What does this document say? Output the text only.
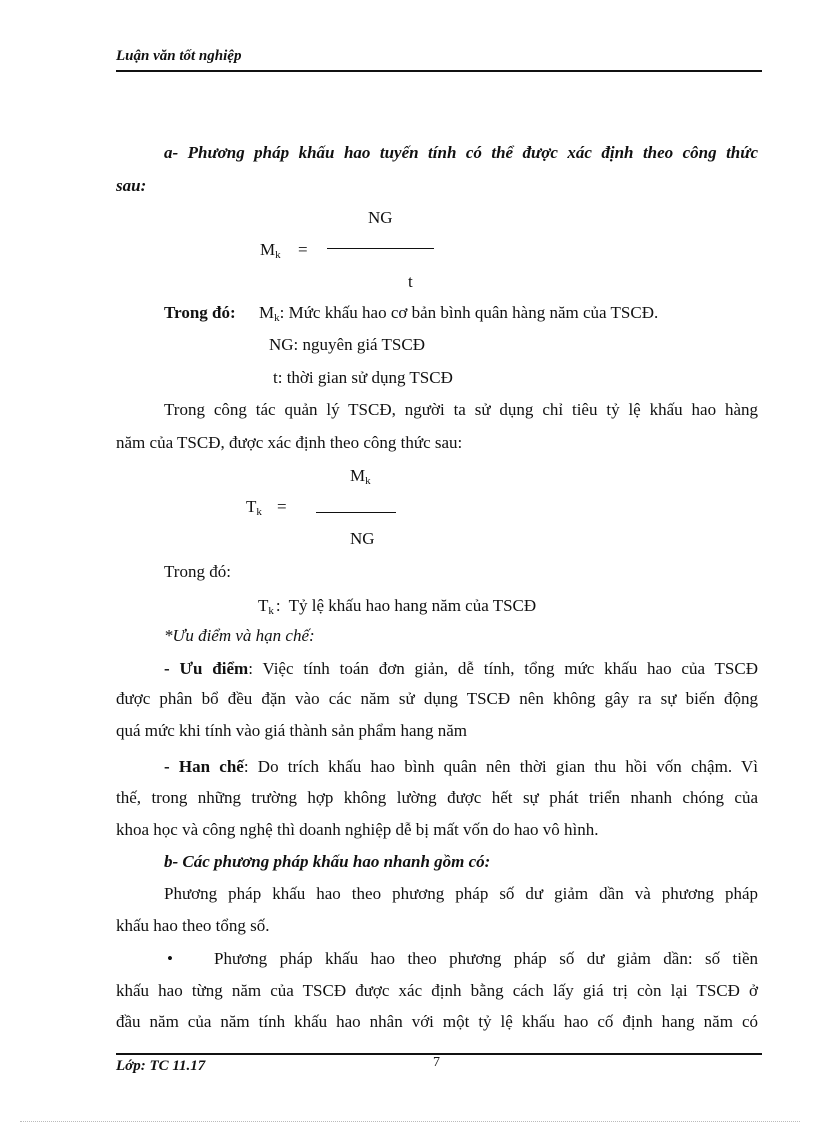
Luận văn tốt nghiệp
a- Phương pháp khấu hao tuyến tính có thể được xác định theo công thức
sau:
NG
$M_k$ =
t
Trong đó: $M_k$: Mức khấu hao cơ bản bình quân hàng năm của TSCĐ.
NG: nguyên giá TSCĐ
t: thời gian sử dụng TSCĐ
Trong công tác quản lý TSCĐ, người ta sử dụng chỉ tiêu tỷ lệ khấu hao hàng
năm của TSCĐ, được xác định theo công thức sau:
$M_k$
$T_k$ =
NG
Trong đó:
$T_k$ : Tỷ lệ khấu hao hang năm của TSCĐ
*Ưu điểm và hạn chế:
- Ưu điểm: Việc tính toán đơn giản, dễ tính, tổng mức khấu hao của TSCĐ
được phân bổ đều đặn vào các năm sử dụng TSCĐ nên không gây ra sự biến động
quá mức khi tính vào giá thành sản phẩm hang năm
- Han chế: Do trích khấu hao bình quân nên thời gian thu hồi vốn chậm. Vì
thế, trong những trường hợp không lường được hết sự phát triển nhanh chóng của
khoa học và công nghệ thì doanh nghiệp dễ bị mất vốn do hao vô hình.
b- Các phương pháp khấu hao nhanh gồm có:
Phương pháp khấu hao theo phương pháp số dư giảm dần và phương pháp
khấu hao theo tổng số.
• Phương pháp khấu hao theo phương pháp số dư giảm dần: số tiền
khấu hao từng năm của TSCĐ được xác định bằng cách lấy giá trị còn lại TSCĐ ở
đầu năm của năm tính khấu hao nhân với một tỷ lệ khấu hao cố định hang năm có
Lớp: TC 11.17	7
